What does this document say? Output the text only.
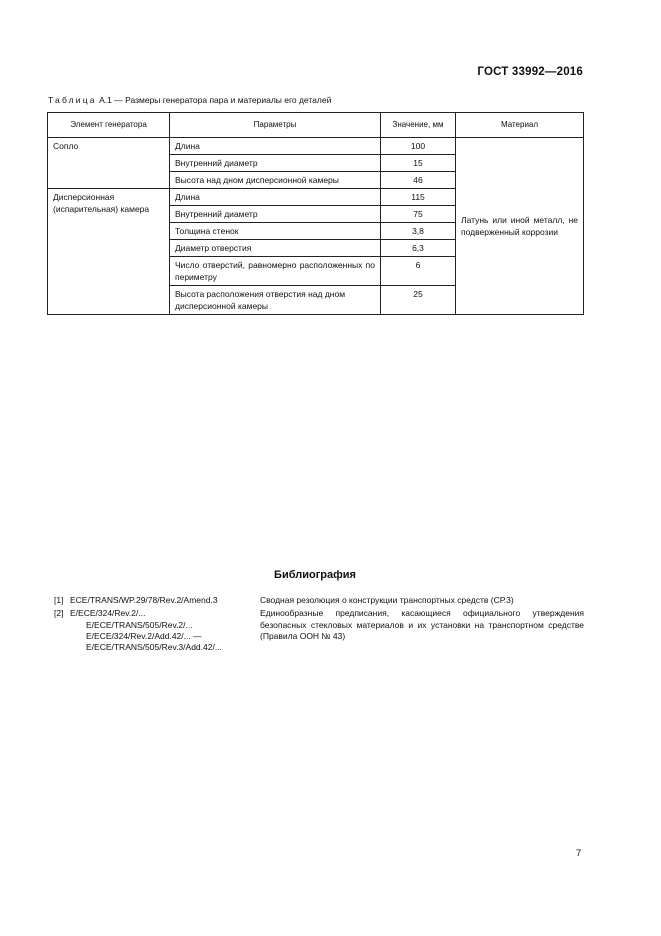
ГОСТ 33992—2016
Таблица А.1 — Размеры генератора пара и материалы его деталей
Элемент генератора	Параметры	Значение, мм	Материал
Сопло	Длина	100	Латунь или иной металл, не подверженный коррозии

	Внутренний диаметр	15	
	Высота над дном дисперсионной камеры	46	
Дисперсионная (испарительная) камера	Длина	115	
	Внутренний диаметр	75	
	Толщина стенок	3,8	
	Диаметр отверстия	6,3	
	Число отверстий, равномерно расположенных по периметру	6	
	Высота расположения отверстия над дном дисперсионной камеры	25	
Библиография
[1] ECE/TRANS/WP.29/78/Rev.2/Amend.3	Сводная резолюция о конструкции транспортных средств (СР.3)
[2] E/ECE/324/Rev.2/...
E/ECE/TRANS/505/Rev.2/...
E/ECE/324/Rev.2/Add.42/... —
E/ECE/TRANS/505/Rev.3/Add.42/...
Единообразные предписания, касающиеся официального утверждения безопасных стекловых материалов и их установки на транспортном средстве (Правила ООН № 43)
7
